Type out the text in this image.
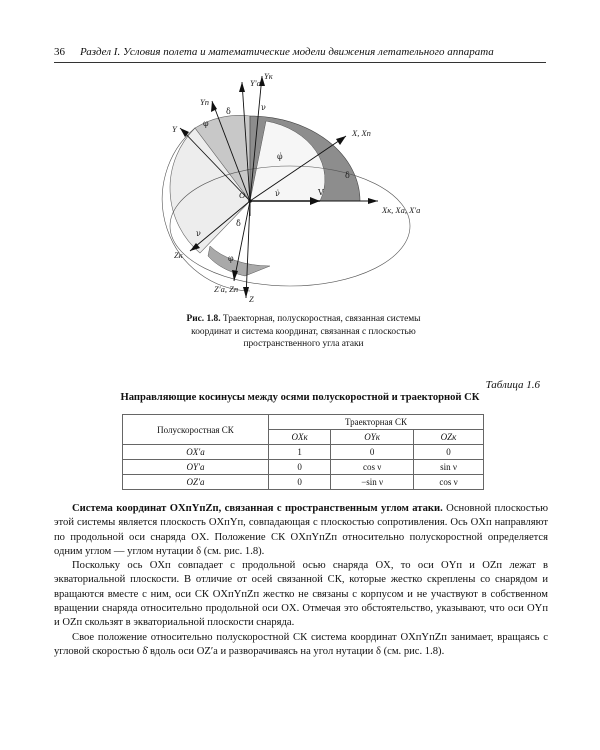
36 Раздел I. Условия полета и математические модели движения летательного аппарата
Y′a
Yк
Yп
Y	X, Xп
Xк, Xa, X′a
O
Zк
Z′a, Zп
Z
δ	ν
φ
φ̇
ν̇	V
δ
δ̇
ν
φ
Рис. 1.8. Траекторная, полускоростная, связанная системы координат и система координат, связанная с плоскостью пространственного угла атаки
Таблица 1.6
Направляющие косинусы между осями полускоростной и траекторной СК
Полускоростная СК	Траекторная СК		
	OXк	OYк	OZк
OX′a	1	0	0
OY′a	0	cos ν	sin ν
OZ′a	0	−sin ν	cos ν

Система координат OXпYпZп, связанная с пространственным углом атаки. Основной плоскостью этой системы является плоскость OXпYп, совпадающая с плоскостью сопротивления. Ось OXп направляют по продольной оси снаряда OX. Положение СК OXпYпZп относительно полускоростной определяется одним углом — углом нутации δ (см. рис. 1.8).

Поскольку ось OXп совпадает с продольной осью снаряда OX, то оси OYп и OZп лежат в экваториальной плоскости. В отличие от осей связанной СК, которые жестко скреплены со снарядом и вращаются вместе с ним, оси СК OXпYпZп жестко не связаны с корпусом и не участвуют в собственном вращении снаряда относительно продольной оси OX. Отмечая это обстоятельство, указывают, что оси OYп и OZп скользят в экваториальной плоскости снаряда.

Свое положение относительно полускоростной СК система координат OXпYпZп занимает, вращаясь с угловой скоростью δ̇ вдоль оси OZ′a и разворачиваясь на угол нутации δ (см. рис. 1.8).
